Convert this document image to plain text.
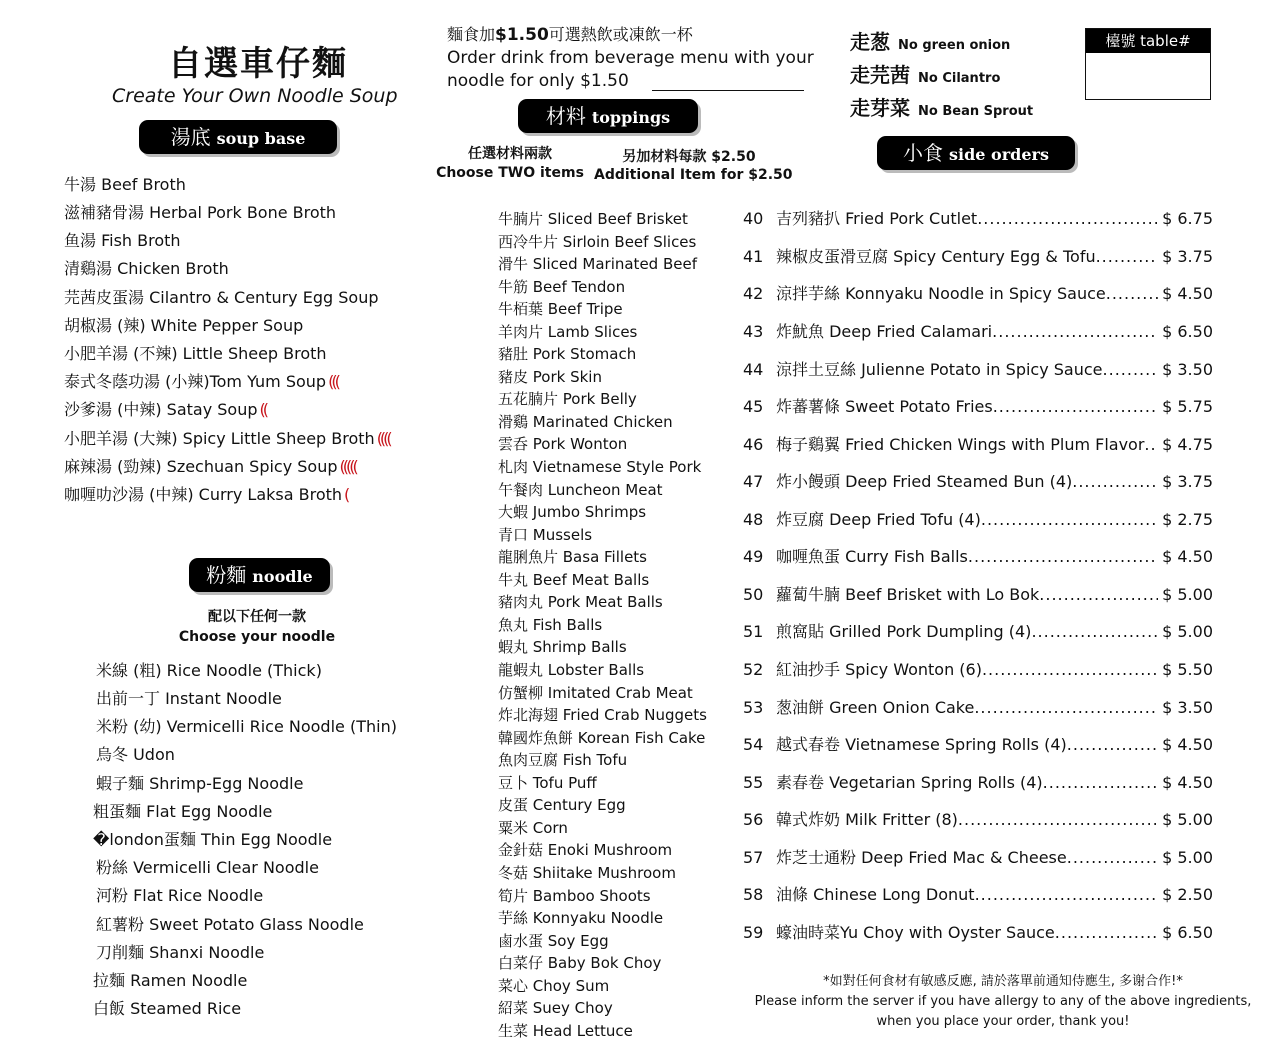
自選車仔麵
Create Your Own Noodle Soup
麵食加$1.50可選熱飲或凍飲一杯
Order drink from beverage menu with your
noodle for only $1.50
走葱 No green onion
走芫茜 No Cilantro
走芽菜 No Bean Sprout
檯號 table#
湯底 soup base
牛湯 Beef Broth
滋補豬骨湯 Herbal Pork Bone Broth
鱼湯 Fish Broth
清鷄湯 Chicken Broth
芫茜皮蛋湯 Cilantro & Century Egg Soup
胡椒湯 (辣) White Pepper Soup
小肥羊湯 (不辣) Little Sheep Broth
泰式冬蔭功湯 (小辣)Tom Yum Soup (((
沙爹湯 (中辣) Satay Soup ((
小肥羊湯 (大辣) Spicy Little Sheep Broth ((((
麻辣湯 (勁辣) Szechuan Spicy Soup (((((
咖喱叻沙湯 (中辣) Curry Laksa Broth (
粉麵 noodle
配以下任何一款
Choose your noodle
米線 (粗) Rice Noodle (Thick)
出前一丁 Instant Noodle
米粉 (幼) Vermicelli Rice Noodle (Thin)
烏冬 Udon
蝦子麵 Shrimp-Egg Noodle
粗蛋麵 Flat Egg Noodle
�london蛋麵 Thin Egg Noodle
粉絲 Vermicelli Clear Noodle
河粉 Flat Rice Noodle
紅薯粉 Sweet Potato Glass Noodle
刀削麵 Shanxi Noodle
拉麵 Ramen Noodle
白飯 Steamed Rice
材料 toppings
任選材料兩款
Choose TWO items
另加材料每款 $2.50
Additional Item for $2.50
牛腩片 Sliced Beef Brisket
西冷牛片 Sirloin Beef Slices
滑牛 Sliced Marinated Beef
牛筋 Beef Tendon
牛栢葉 Beef Tripe
羊肉片 Lamb Slices
豬肚 Pork Stomach
豬皮 Pork Skin
五花腩片 Pork Belly
滑鷄 Marinated Chicken
雲呑 Pork Wonton
札肉 Vietnamese Style Pork
午餐肉 Luncheon Meat
大蝦 Jumbo Shrimps
青口 Mussels
龍脷魚片 Basa Fillets
牛丸 Beef Meat Balls
豬肉丸 Pork Meat Balls
魚丸 Fish Balls
蝦丸 Shrimp Balls
龍蝦丸 Lobster Balls
仿蟹柳 Imitated Crab Meat
炸北海翅 Fried Crab Nuggets
韓國炸魚餅 Korean Fish Cake
魚肉豆腐 Fish Tofu
豆卜 Tofu Puff
皮蛋 Century Egg
粟米 Corn
金針菇 Enoki Mushroom
冬菇 Shiitake Mushroom
筍片 Bamboo Shoots
芋絲 Konnyaku Noodle
鹵水蛋 Soy Egg
白菜仔 Baby Bok Choy
菜心 Choy Sum
紹菜 Suey Choy
生菜 Head Lettuce
小食 side orders
40 吉列豬扒 Fried Pork Cutlet .....	$ 6.75
41 辣椒皮蛋滑豆腐 Spicy Century Egg & Tofu .....	$ 3.75
42 涼拌芋絲 Konnyaku Noodle in Spicy Sauce .....	$ 4.50
43 炸魷魚 Deep Fried Calamari .....	$ 6.50
44 涼拌土豆絲 Julienne Potato in Spicy Sauce .....	$ 3.50
45 炸蕃薯條 Sweet Potato Fries .....	$ 5.75
46 梅子鷄翼 Fried Chicken Wings with Plum Flavor ..... $ 4.75
47 炸小饅頭 Deep Fried Steamed Bun (4) .....	$ 3.75
48 炸豆腐 Deep Fried Tofu (4) .....	$ 2.75
49 咖喱魚蛋 Curry Fish Balls .....	$ 4.50
50 蘿蔔牛腩 Beef Brisket with Lo Bok .....	$ 5.00
51 煎窩貼 Grilled Pork Dumpling (4) .....	$ 5.00
52 紅油抄手 Spicy Wonton (6) .....	$ 5.50
53 葱油餅 Green Onion Cake .....	$ 3.50
54 越式春卷 Vietnamese Spring Rolls (4) .....	$ 4.50
55 素春卷 Vegetarian Spring Rolls (4) .....	$ 4.50
56 韓式炸奶 Milk Fritter (8) .....	$ 5.00
57 炸芝士通粉 Deep Fried Mac & Cheese .....	$ 5.00
58 油條 Chinese Long Donut .....	$ 2.50
59 蠔油時菜Yu Choy with Oyster Sauce .....	$ 6.50
*如對任何食材有敏感反應, 請於落單前通知侍應生, 多谢合作!*
Please inform the server if you have allergy to any of the above ingredients,
when you place your order, thank you!
